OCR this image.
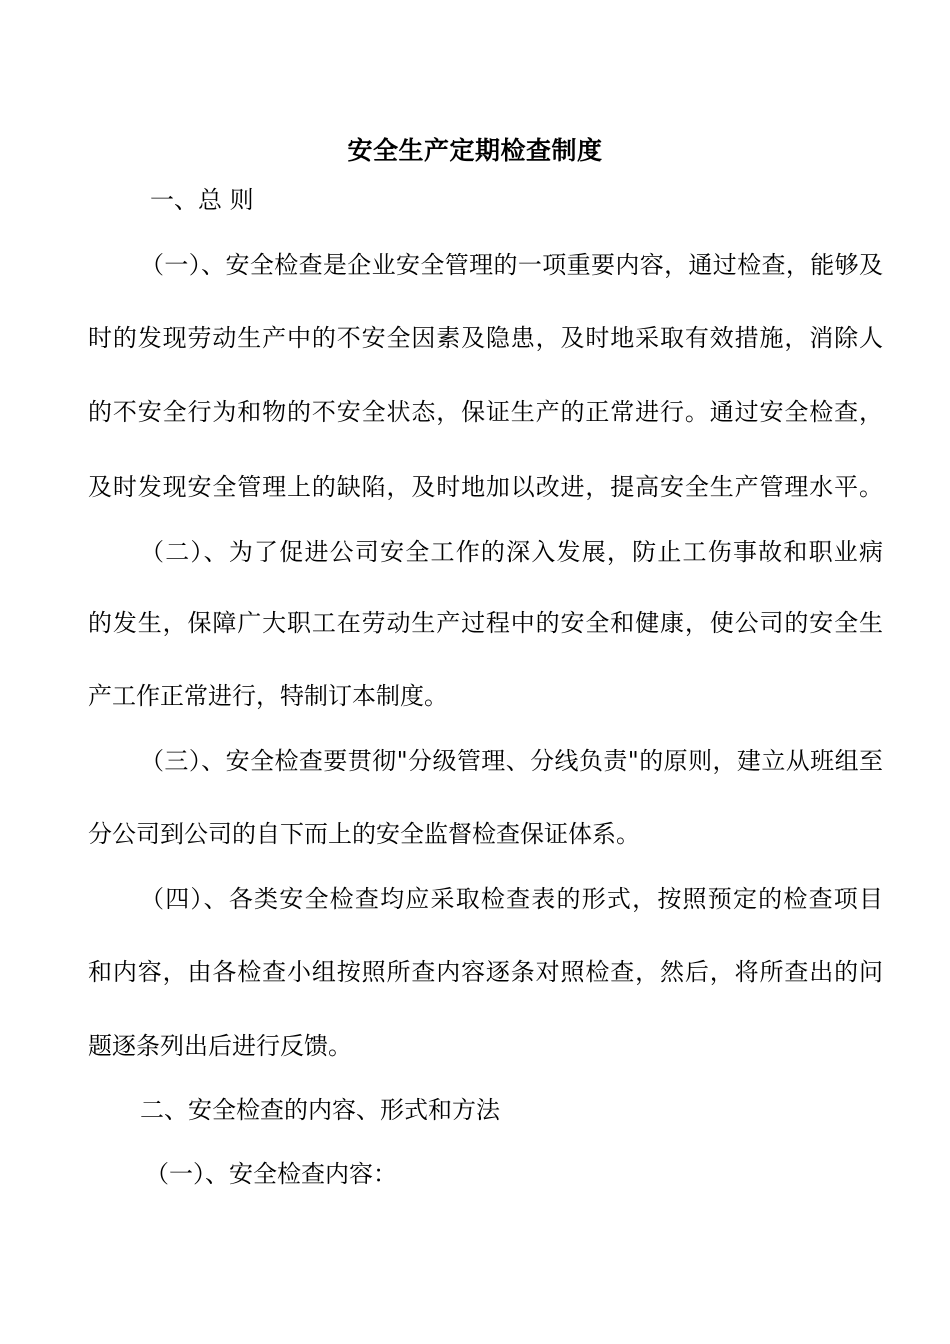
安全生产定期检查制度
一、总 则
（一）、安全检查是企业安全管理的一项重要内容，通过检查，能够及
时的发现劳动生产中的不安全因素及隐患，及时地采取有效措施，消除人
的不安全行为和物的不安全状态，保证生产的正常进行。通过安全检查，
及时发现安全管理上的缺陷，及时地加以改进，提高安全生产管理水平。
（二）、为了促进公司安全工作的深入发展，防止工伤事故和职业病
的发生，保障广大职工在劳动生产过程中的安全和健康，使公司的安全生
产工作正常进行，特制订本制度。
（三）、安全检查要贯彻"分级管理、分线负责"的原则，建立从班组至
分公司到公司的自下而上的安全监督检查保证体系。
（四）、各类安全检查均应采取检查表的形式，按照预定的检查项目
和内容，由各检查小组按照所查内容逐条对照检查，然后，将所查出的问
题逐条列出后进行反馈。
二、安全检查的内容、形式和方法
（一）、安全检查内容：
